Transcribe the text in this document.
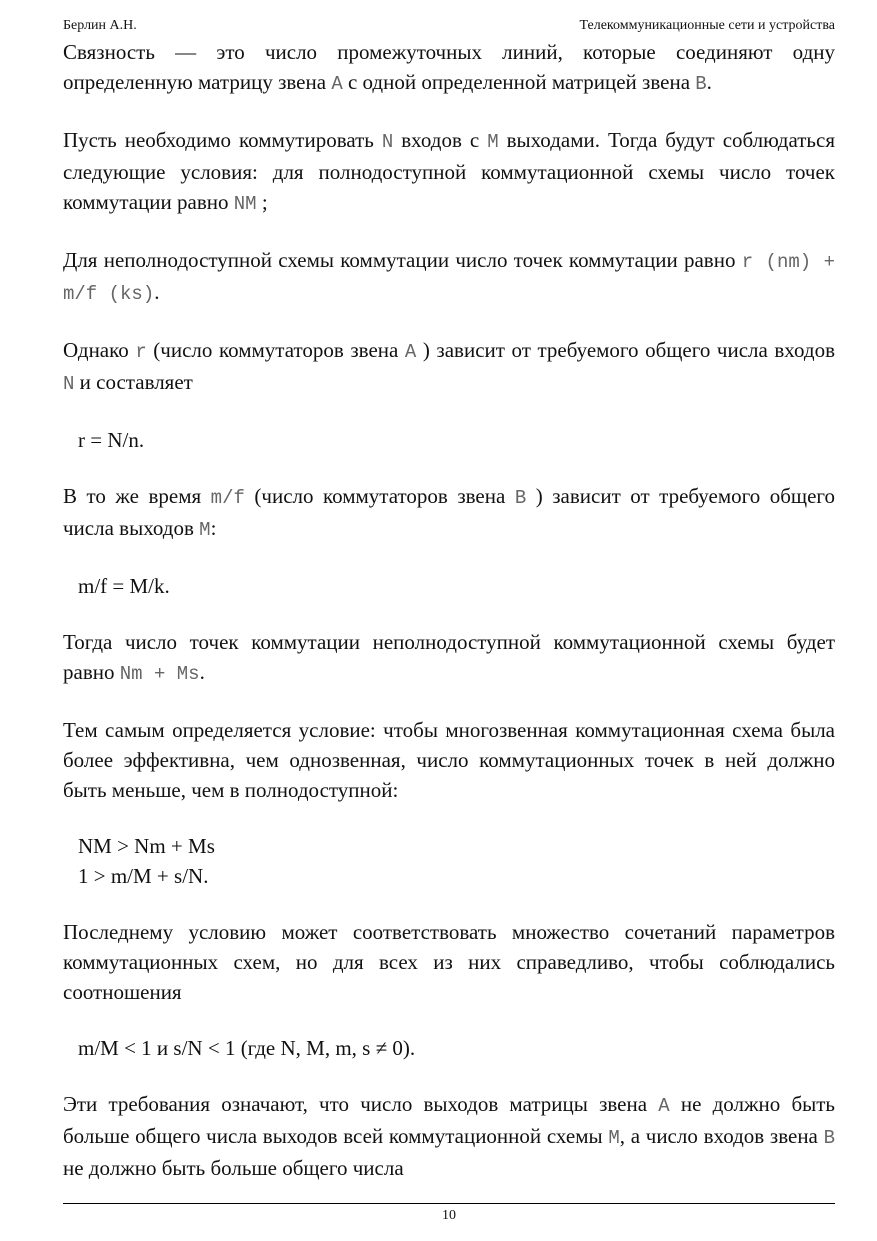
Берлин А.Н.	Телекоммуникационные сети и устройства

Связность — это число промежуточных линий, которые соединяют одну определенную матрицу звена A с одной определенной матрицей звена B.

Пусть необходимо коммутировать N входов с M выходами. Тогда будут соблюдаться следующие условия: для полнодоступной коммутационной схемы число точек коммутации равно NM ;

Для неполнодоступной схемы коммутации число точек коммутации равно r (nm) + m/f (ks).

Однако r (число коммутаторов звена A ) зависит от требуемого общего числа входов N и составляет

r = N/n.

В то же время m/f (число коммутаторов звена B ) зависит от требуемого общего числа выходов M:

m/f = M/k.

Тогда число точек коммутации неполнодоступной коммутационной схемы будет равно Nm + Ms.

Тем самым определяется условие: чтобы многозвенная коммутационная схема была более эффективна, чем однозвенная, число коммутационных точек в ней должно быть меньше, чем в полнодоступной:

NM > Nm + Ms

1 > m/M + s/N.

Последнему условию может соответствовать множество сочетаний параметров коммутационных схем, но для всех из них справедливо, чтобы соблюдались соотношения

m/M < 1 и s/N < 1 (где N, M, m, s ≠ 0).

Эти требования означают, что число выходов матрицы звена A не должно быть больше общего числа выходов всей коммутационной схемы M, а число входов звена B не должно быть больше общего числа

10
